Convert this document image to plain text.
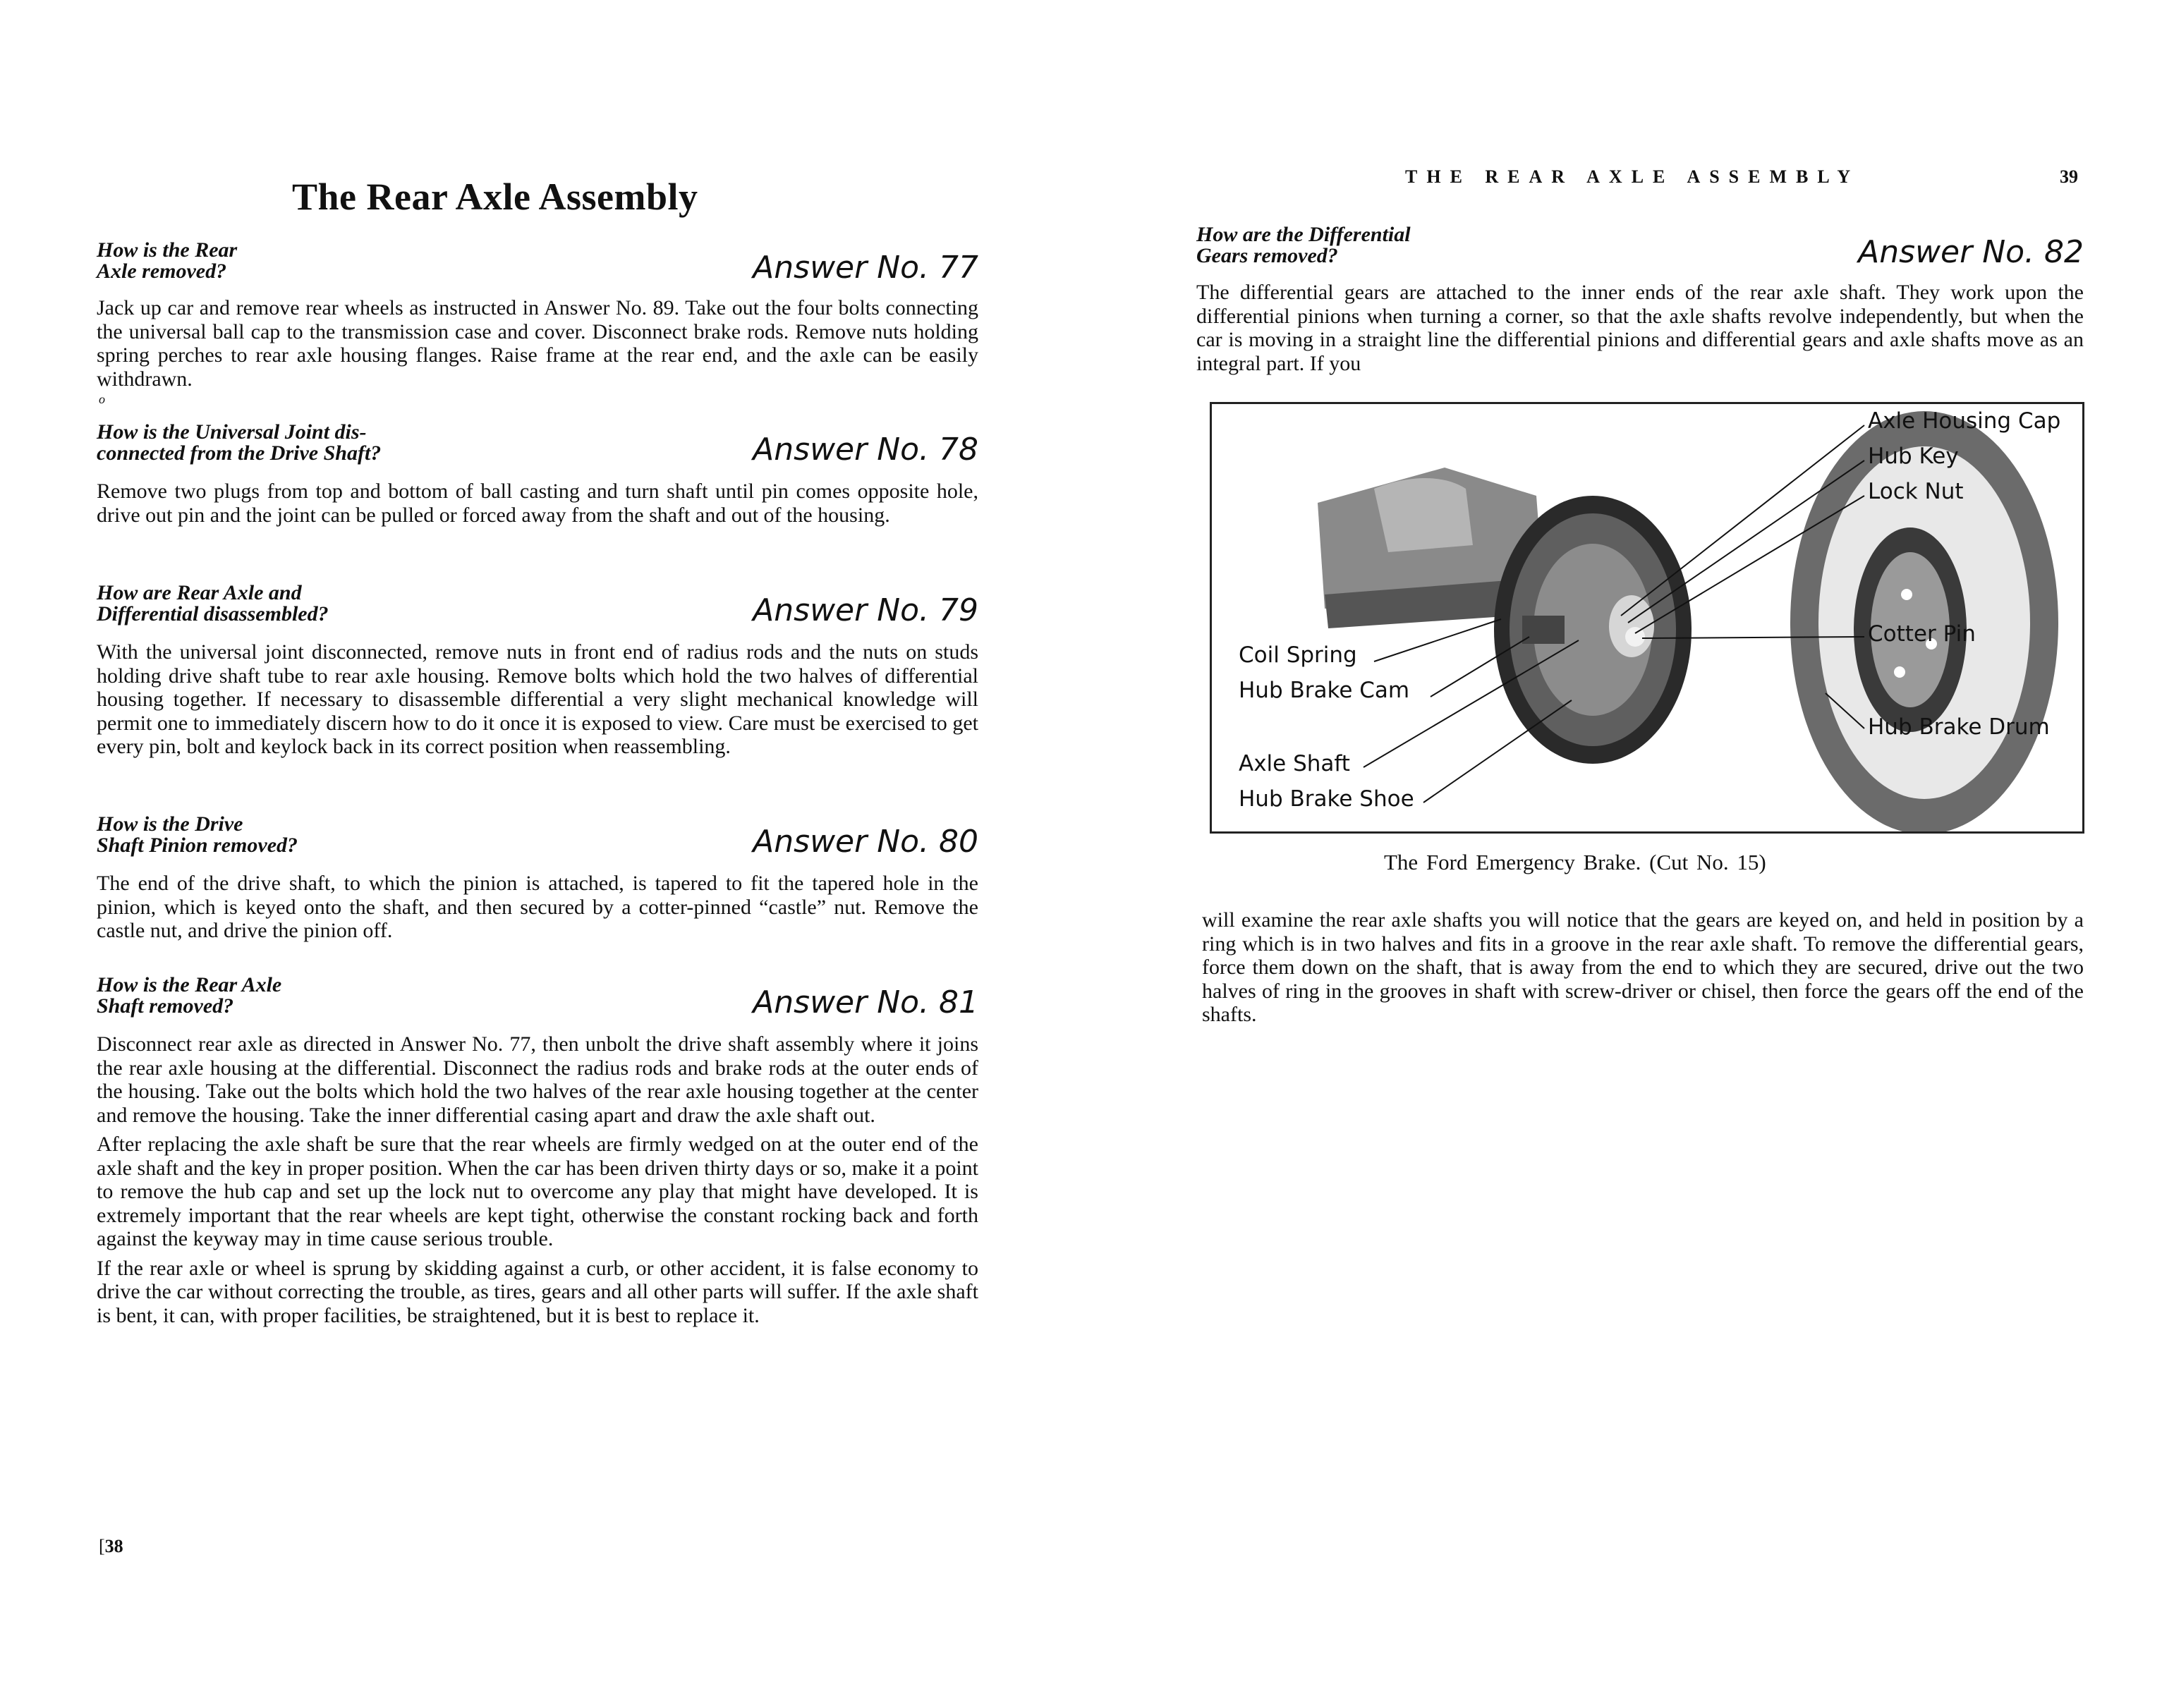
The Rear Axle Assembly
How is the Rear
Axle removed?	Answer No. 77

Jack up car and remove rear wheels as instructed in Answer No. 89. Take out the four bolts connecting the universal ball cap to the transmission case and cover. Disconnect brake rods. Remove nuts holding spring perches to rear axle housing flanges. Raise frame at the rear end, and the axle can be easily withdrawn.

o
How is the Universal Joint dis-
connected from the Drive Shaft?	Answer No. 78

Remove two plugs from top and bottom of ball casting and turn shaft until pin comes opposite hole, drive out pin and the joint can be pulled or forced away from the shaft and out of the housing.

How are Rear Axle and
Differential disassembled?	Answer No. 79

With the universal joint disconnected, remove nuts in front end of radius rods and the nuts on studs holding drive shaft tube to rear axle housing. Remove bolts which hold the two halves of differential housing together. If necessary to disassemble differential a very slight mechanical knowledge will permit one to immediately discern how to do it once it is exposed to view. Care must be exercised to get every pin, bolt and keylock back in its correct position when reassembling.

How is the Drive
Shaft Pinion removed?	Answer No. 80

The end of the drive shaft, to which the pinion is attached, is tapered to fit the tapered hole in the pinion, which is keyed onto the shaft, and then secured by a cotter-pinned “castle” nut. Remove the castle nut, and drive the pinion off.

How is the Rear Axle
Shaft removed?	Answer No. 81

Disconnect rear axle as directed in Answer No. 77, then unbolt the drive shaft assembly where it joins the rear axle housing at the differential. Disconnect the radius rods and brake rods at the outer ends of the housing. Take out the bolts which hold the two halves of the rear axle housing together at the center and remove the housing. Take the inner differential casing apart and draw the axle shaft out.

After replacing the axle shaft be sure that the rear wheels are firmly wedged on at the outer end of the axle shaft and the key in proper position. When the car has been driven thirty days or so, make it a point to remove the hub cap and set up the lock nut to overcome any play that might have developed. It is extremely important that the rear wheels are kept tight, otherwise the constant rocking back and forth against the keyway may in time cause serious trouble.

If the rear axle or wheel is sprung by skidding against a curb, or other accident, it is false economy to drive the car without correcting the trouble, as tires, gears and all other parts will suffer. If the axle shaft is bent, it can, with proper facilities, be straightened, but it is best to replace it.

[38
THE REAR AXLE ASSEMBLY	39
How are the Differential
Gears removed?	Answer No. 82

The differential gears are attached to the inner ends of the rear axle shaft. They work upon the differential pinions when turning a corner, so that the axle shafts revolve independently, but when the car is moving in a straight line the differential pinions and differential gears and axle shafts move as an integral part. If you

Axle Housing Cap
Hub Key
Lock Nut
Cotter Pin
Hub Brake Drum
Coil Spring
Hub Brake Cam
Axle Shaft
Hub Brake Shoe
The Ford Emergency Brake. (Cut No. 15)

will examine the rear axle shafts you will notice that the gears are keyed on, and held in position by a ring which is in two halves and fits in a groove in the rear axle shaft. To remove the differential gears, force them down on the shaft, that is away from the end to which they are secured, drive out the two halves of ring in the grooves in shaft with screw-driver or chisel, then force the gears off the end of the shafts.
